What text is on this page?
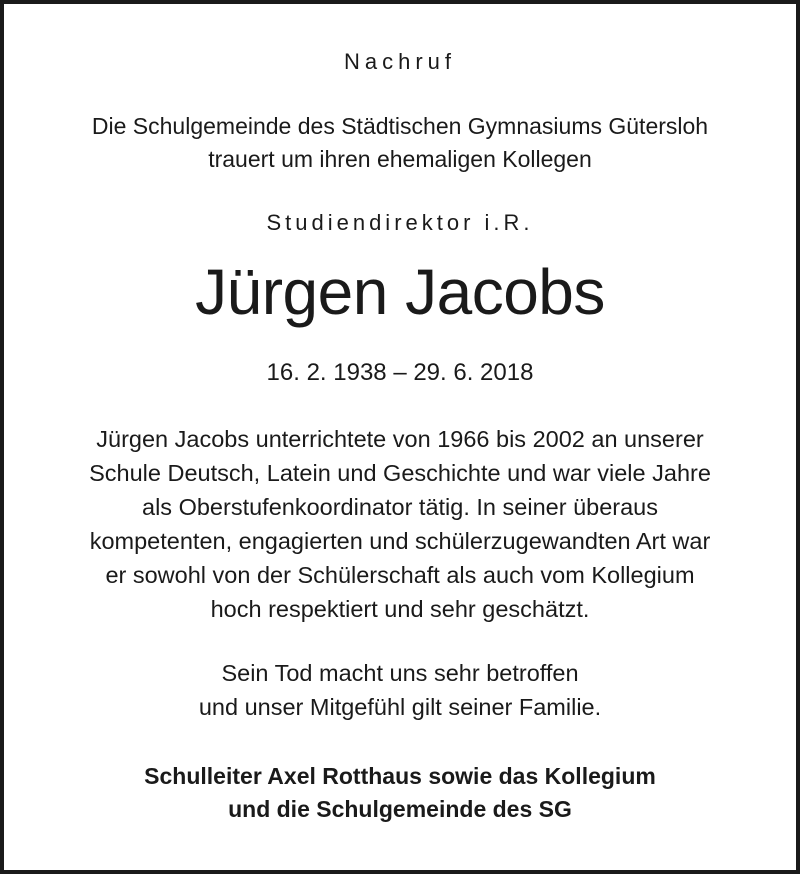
Nachruf
Die Schulgemeinde des Städtischen Gymnasiums Gütersloh
trauert um ihren ehemaligen Kollegen
Studiendirektor i.R.
Jürgen Jacobs
16. 2. 1938 – 29. 6. 2018
Jürgen Jacobs unterrichtete von 1966 bis 2002 an unserer
Schule Deutsch, Latein und Geschichte und war viele Jahre
als Oberstufenkoordinator tätig. In seiner überaus
kompetenten, engagierten und schülerzugewandten Art war
er sowohl von der Schülerschaft als auch vom Kollegium
hoch respektiert und sehr geschätzt.
Sein Tod macht uns sehr betroffen
und unser Mitgefühl gilt seiner Familie.
Schulleiter Axel Rotthaus sowie das Kollegium
und die Schulgemeinde des SG
